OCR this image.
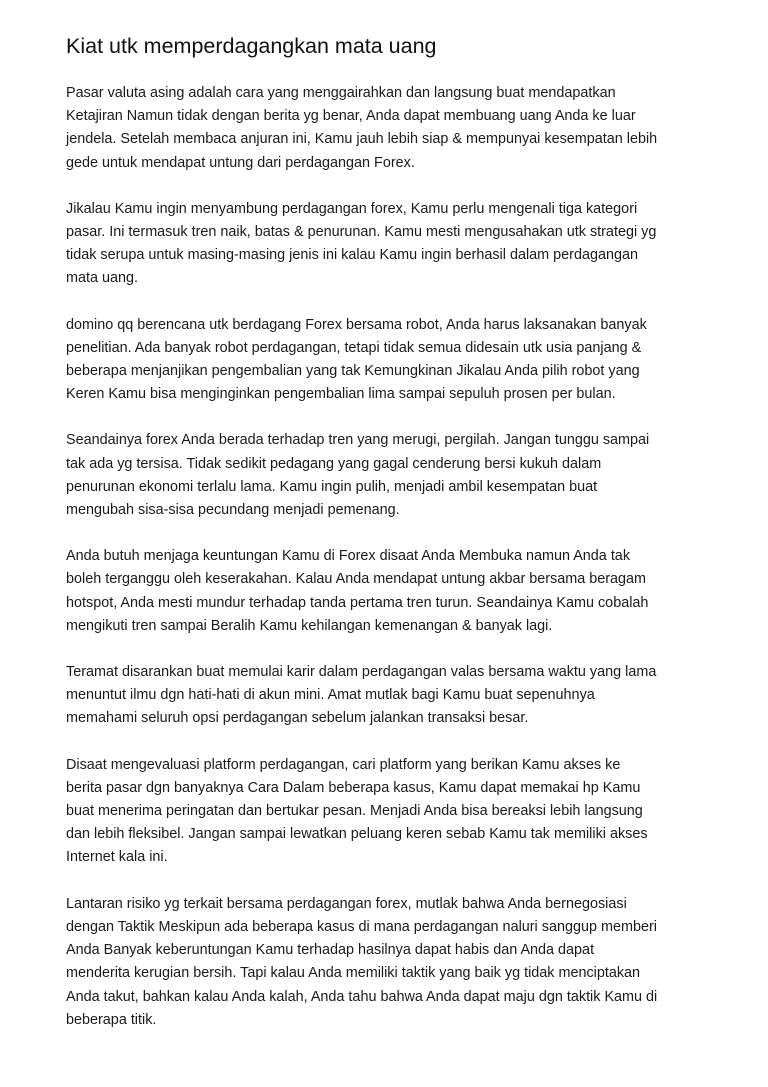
Kiat utk memperdagangkan mata uang

Pasar valuta asing adalah cara yang menggairahkan dan langsung buat mendapatkan
Ketajiran Namun tidak dengan berita yg benar, Anda dapat membuang uang Anda ke luar
jendela. Setelah membaca anjuran ini, Kamu jauh lebih siap & mempunyai kesempatan lebih
gede untuk mendapat untung dari perdagangan Forex.

Jikalau Kamu ingin menyambung perdagangan forex, Kamu perlu mengenali tiga kategori
pasar. Ini termasuk tren naik, batas & penurunan. Kamu mesti mengusahakan utk strategi yg
tidak serupa untuk masing-masing jenis ini kalau Kamu ingin berhasil dalam perdagangan
mata uang.

domino qq berencana utk berdagang Forex bersama robot, Anda harus laksanakan banyak
penelitian. Ada banyak robot perdagangan, tetapi tidak semua didesain utk usia panjang &
beberapa menjanjikan pengembalian yang tak Kemungkinan Jikalau Anda pilih robot yang
Keren Kamu bisa menginginkan pengembalian lima sampai sepuluh prosen per bulan.

Seandainya forex Anda berada terhadap tren yang merugi, pergilah. Jangan tunggu sampai
tak ada yg tersisa. Tidak sedikit pedagang yang gagal cenderung bersi kukuh dalam
penurunan ekonomi terlalu lama. Kamu ingin pulih, menjadi ambil kesempatan buat
mengubah sisa-sisa pecundang menjadi pemenang.

Anda butuh menjaga keuntungan Kamu di Forex disaat Anda Membuka namun Anda tak
boleh terganggu oleh keserakahan. Kalau Anda mendapat untung akbar bersama beragam
hotspot, Anda mesti mundur terhadap tanda pertama tren turun. Seandainya Kamu cobalah
mengikuti tren sampai Beralih Kamu kehilangan kemenangan & banyak lagi.

Teramat disarankan buat memulai karir dalam perdagangan valas bersama waktu yang lama
menuntut ilmu dgn hati-hati di akun mini. Amat mutlak bagi Kamu buat sepenuhnya
memahami seluruh opsi perdagangan sebelum jalankan transaksi besar.

Disaat mengevaluasi platform perdagangan, cari platform yang berikan Kamu akses ke
berita pasar dgn banyaknya Cara Dalam beberapa kasus, Kamu dapat memakai hp Kamu
buat menerima peringatan dan bertukar pesan. Menjadi Anda bisa bereaksi lebih langsung
dan lebih fleksibel. Jangan sampai lewatkan peluang keren sebab Kamu tak memiliki akses
Internet kala ini.

Lantaran risiko yg terkait bersama perdagangan forex, mutlak bahwa Anda bernegosiasi
dengan Taktik Meskipun ada beberapa kasus di mana perdagangan naluri sanggup memberi
Anda Banyak keberuntungan Kamu terhadap hasilnya dapat habis dan Anda dapat
menderita kerugian bersih. Tapi kalau Anda memiliki taktik yang baik yg tidak menciptakan
Anda takut, bahkan kalau Anda kalah, Anda tahu bahwa Anda dapat maju dgn taktik Kamu di
beberapa titik.
